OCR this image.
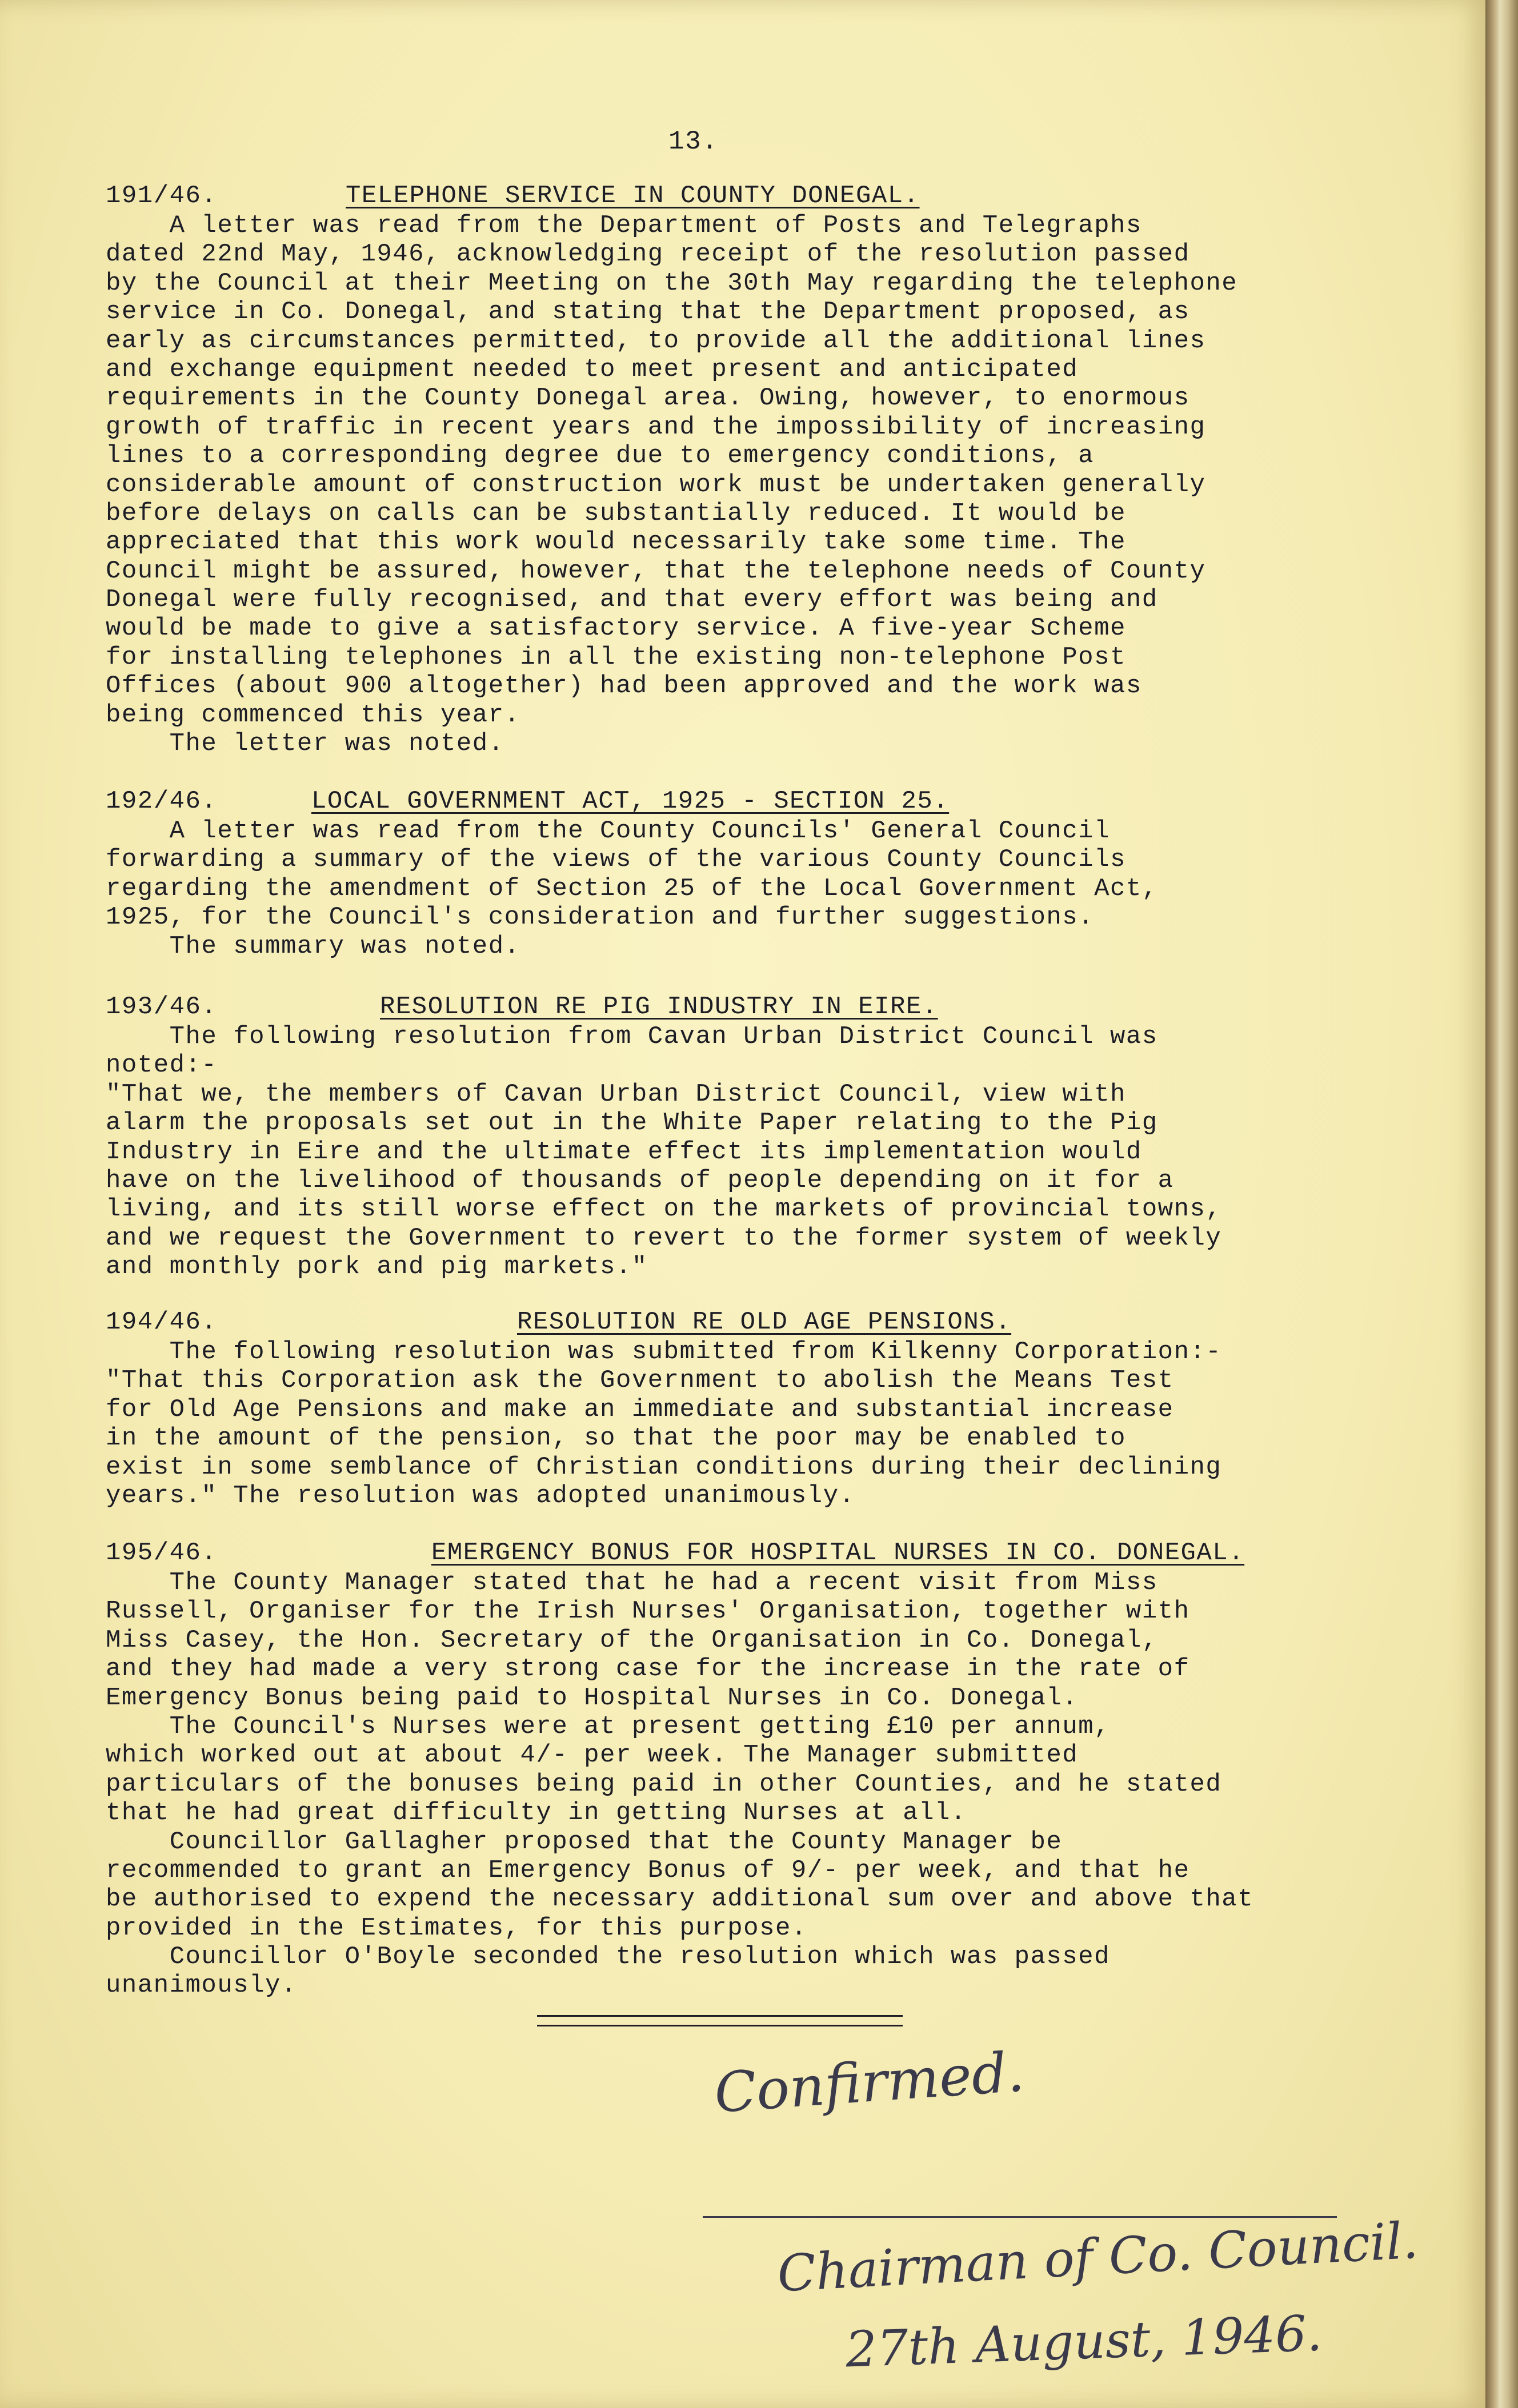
13.
191/46.	TELEPHONE SERVICE IN COUNTY DONEGAL.
A letter was read from the Department of Posts and Telegraphs
dated 22nd May, 1946, acknowledging receipt of the resolution passed
by the Council at their Meeting on the 30th May regarding the telephone
service in Co. Donegal, and stating that the Department proposed, as
early as circumstances permitted, to provide all the additional lines
and exchange equipment needed to meet present and anticipated
requirements in the County Donegal area. Owing, however, to enormous
growth of traffic in recent years and the impossibility of increasing
lines to a corresponding degree due to emergency conditions, a
considerable amount of construction work must be undertaken generally
before delays on calls can be substantially reduced. It would be
appreciated that this work would necessarily take some time. The
Council might be assured, however, that the telephone needs of County
Donegal were fully recognised, and that every effort was being and
would be made to give a satisfactory service. A five-year Scheme
for installing telephones in all the existing non-telephone Post
Offices (about 900 altogether) had been approved and the work was
being commenced this year.
The letter was noted.
192/46.	LOCAL GOVERNMENT ACT, 1925 - SECTION 25.
A letter was read from the County Councils' General Council
forwarding a summary of the views of the various County Councils
regarding the amendment of Section 25 of the Local Government Act,
1925, for the Council's consideration and further suggestions.
The summary was noted.
193/46.	RESOLUTION RE PIG INDUSTRY IN EIRE.
The following resolution from Cavan Urban District Council was
noted:-
"That we, the members of Cavan Urban District Council, view with
alarm the proposals set out in the White Paper relating to the Pig
Industry in Eire and the ultimate effect its implementation would
have on the livelihood of thousands of people depending on it for a
living, and its still worse effect on the markets of provincial towns,
and we request the Government to revert to the former system of weekly
and monthly pork and pig markets."
194/46.	RESOLUTION RE OLD AGE PENSIONS.
The following resolution was submitted from Kilkenny Corporation:-
"That this Corporation ask the Government to abolish the Means Test
for Old Age Pensions and make an immediate and substantial increase
in the amount of the pension, so that the poor may be enabled to
exist in some semblance of Christian conditions during their declining
years." The resolution was adopted unanimously.
195/46.	EMERGENCY BONUS FOR HOSPITAL NURSES IN CO. DONEGAL.
The County Manager stated that he had a recent visit from Miss
Russell, Organiser for the Irish Nurses' Organisation, together with
Miss Casey, the Hon. Secretary of the Organisation in Co. Donegal,
and they had made a very strong case for the increase in the rate of
Emergency Bonus being paid to Hospital Nurses in Co. Donegal.
The Council's Nurses were at present getting £10 per annum,
which worked out at about 4/- per week. The Manager submitted
particulars of the bonuses being paid in other Counties, and he stated
that he had great difficulty in getting Nurses at all.
Councillor Gallagher proposed that the County Manager be
recommended to grant an Emergency Bonus of 9/- per week, and that he
be authorised to expend the necessary additional sum over and above that
provided in the Estimates, for this purpose.
Councillor O'Boyle seconded the resolution which was passed
unanimously.
Confirmed.
Chairman of Co. Council.
27th August, 1946.
